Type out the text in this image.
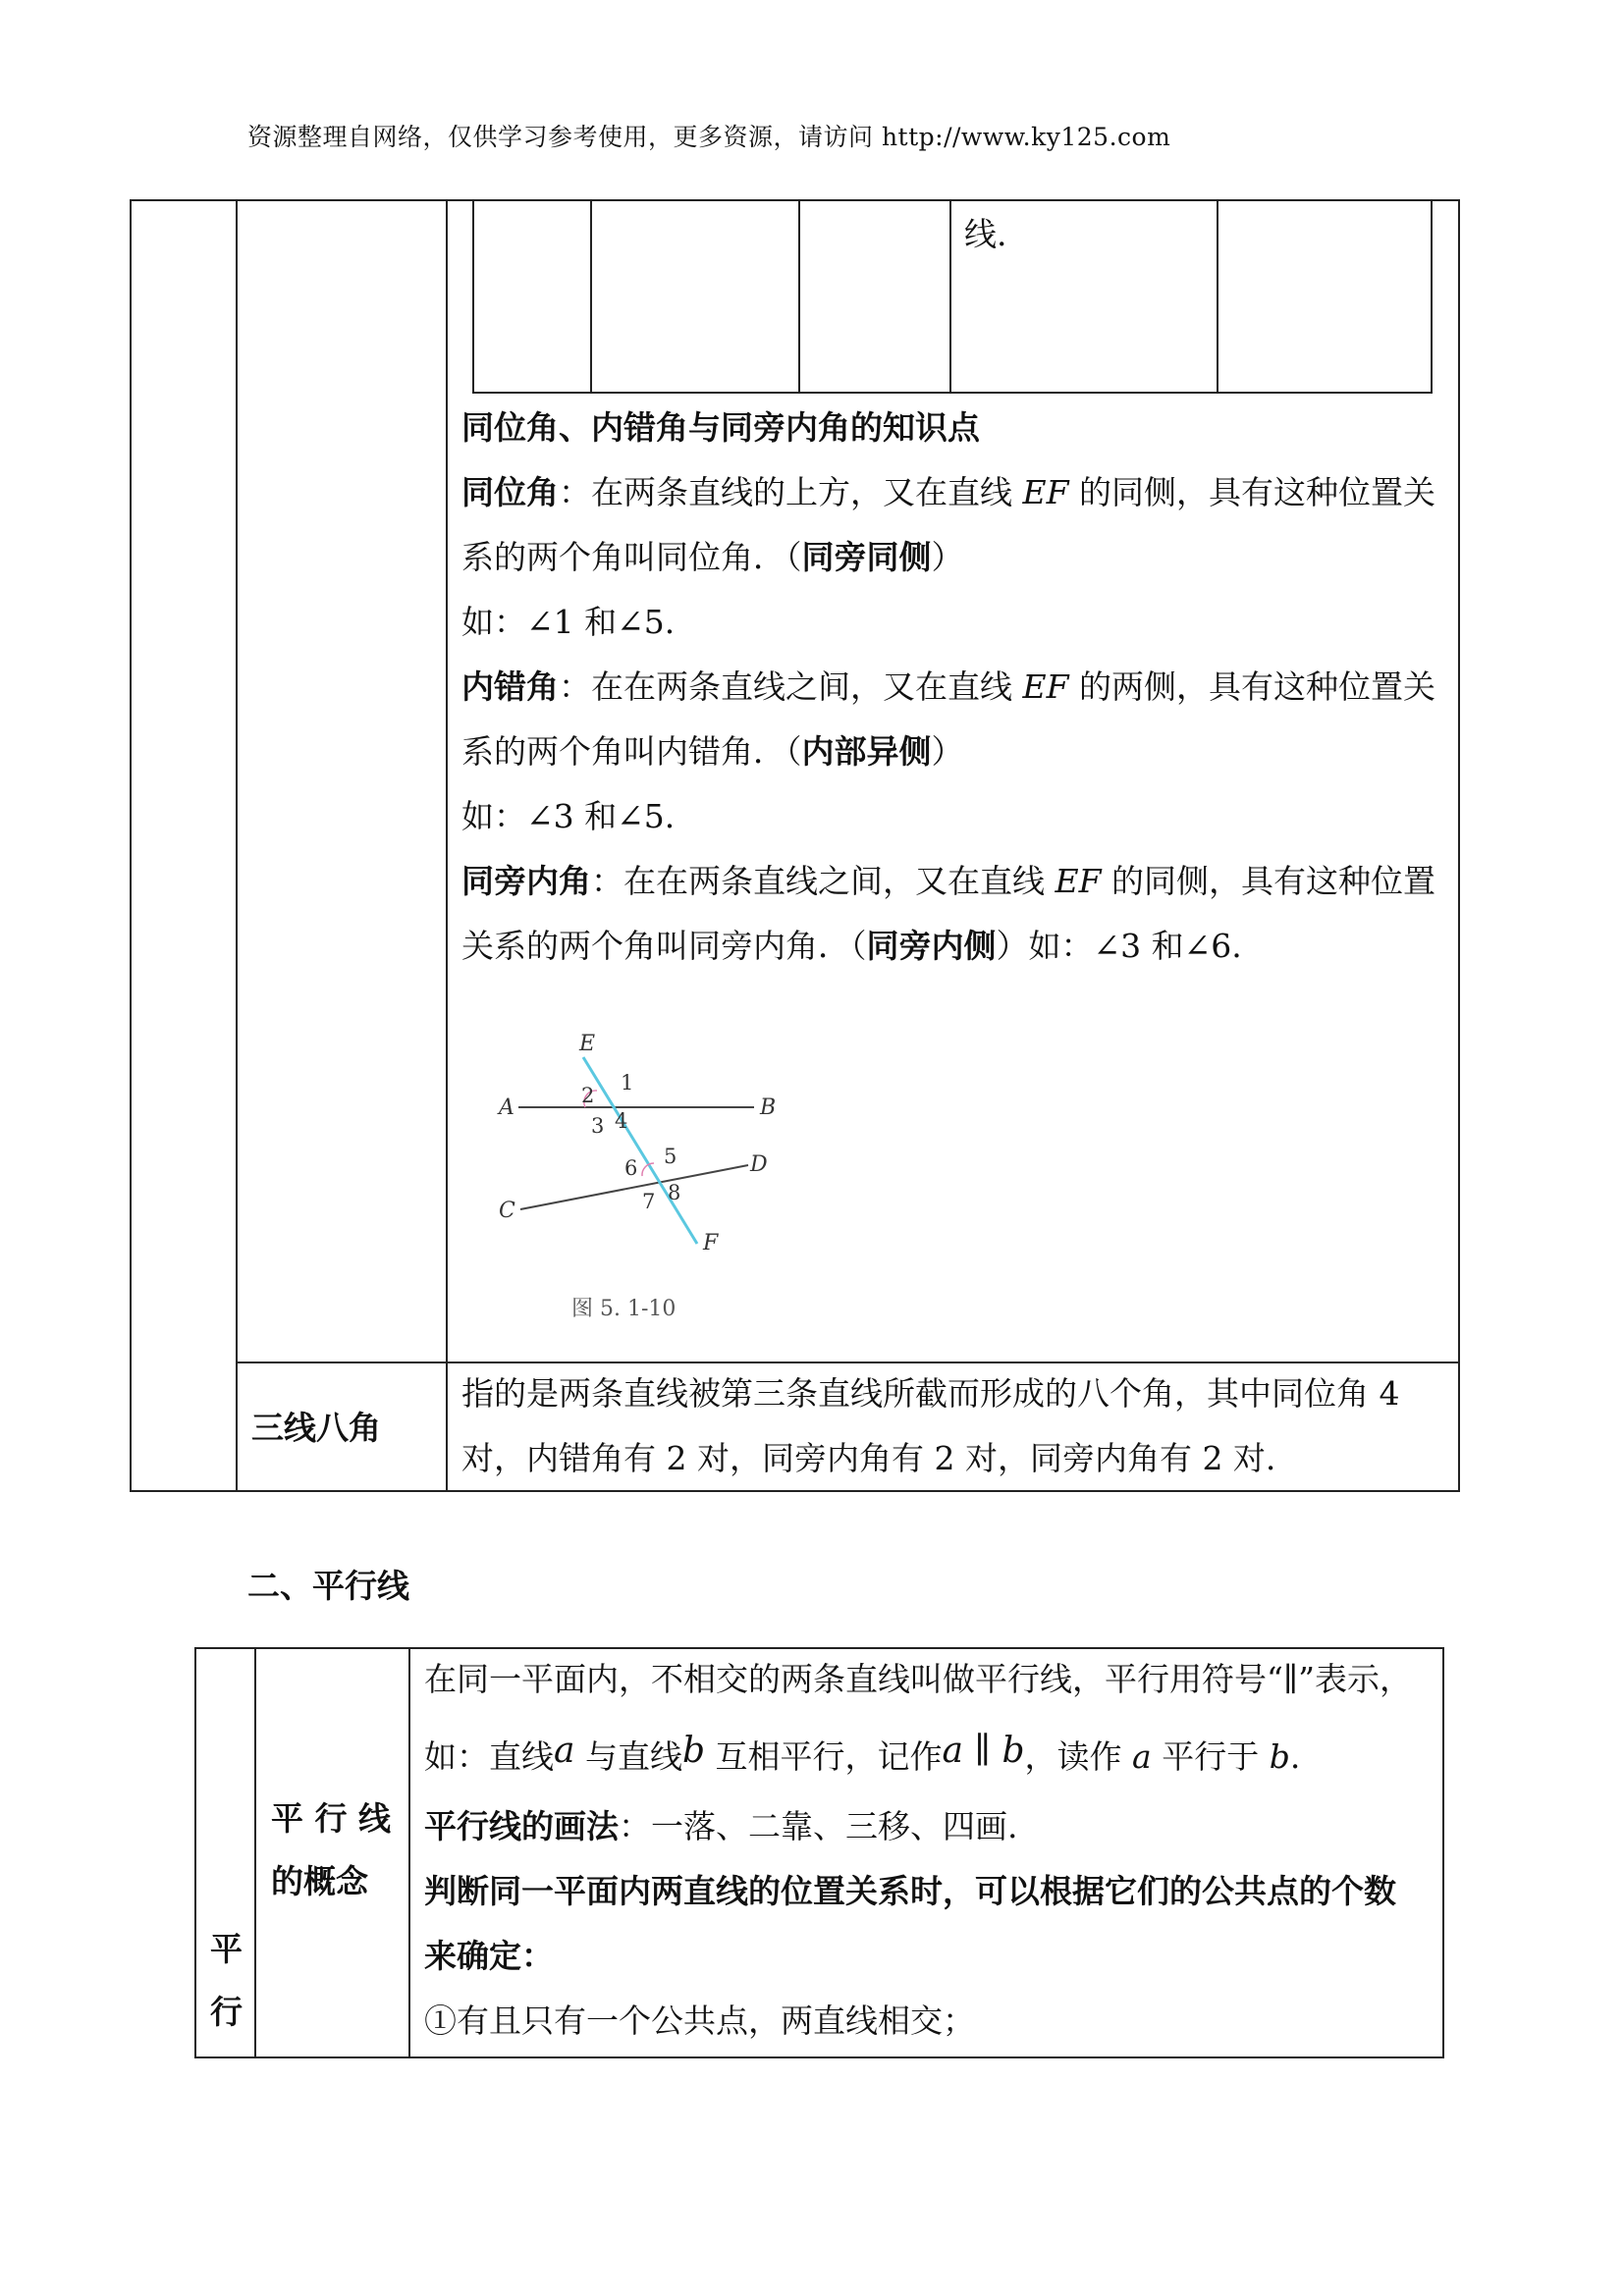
资源整理自网络，仅供学习参考使用，更多资源，请访问 http://www.ky125.com
线.
同位角、内错角与同旁内角的知识点
同位角：在两条直线的上方，又在直线 EF 的同侧，具有这种位置关
系的两个角叫同位角．（同旁同侧）
如：∠1 和∠5.
内错角：在在两条直线之间，又在直线 EF 的两侧，具有这种位置关
系的两个角叫内错角．（内部异侧）
如：∠3 和∠5.
同旁内角：在在两条直线之间，又在直线 EF 的同侧，具有这种位置
关系的两个角叫同旁内角．（同旁内侧）如：∠3 和∠6.
E
A	B
C
D
F
1
2
3 4
5
6
7 8
图 5. 1-10
三线八角
指的是两条直线被第三条直线所截而形成的八个角，其中同位角 4
对，内错角有 2 对，同旁内角有 2 对，同旁内角有 2 对.
二、平行线
平
行
平 行 线
的概念
在同一平面内，不相交的两条直线叫做平行线，平行用符号“∥”表示，
如：直线a 与直线b 互相平行，记作a ∥ b，读作 a 平行于 b.
平行线的画法：一落、二靠、三移、四画.
判断同一平面内两直线的位置关系时，可以根据它们的公共点的个数
来确定：
①有且只有一个公共点，两直线相交；
